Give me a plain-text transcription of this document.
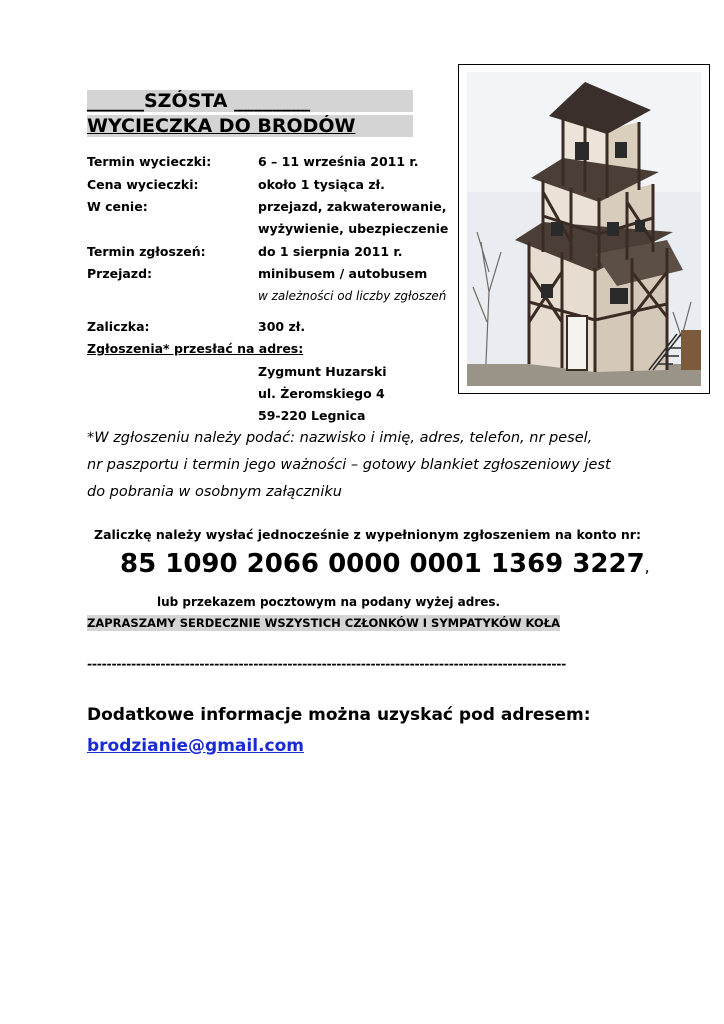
______SZÓSTA ________
WYCIECZKA DO BRODÓW
Termin wycieczki:	6 – 11 września 2011 r.
Cena wycieczki:	około 1 tysiąca zł.
W cenie:	przejazd, zakwaterowanie,
wyżywienie, ubezpieczenie
Termin zgłoszeń:	do 1 sierpnia 2011 r.
Przejazd:	minibusem / autobusem
w zależności od liczby zgłoszeń
Zaliczka:	300 zł.
Zgłoszenia* przesłać na adres:
Zygmunt Huzarski
ul. Żeromskiego 4
59-220 Legnica
*W zgłoszeniu należy podać: nazwisko i imię, adres, telefon, nr pesel,
nr paszportu i termin jego ważności – gotowy blankiet zgłoszeniowy jest
do pobrania w osobnym załączniku
Zaliczkę należy wysłać jednocześnie z wypełnionym zgłoszeniem na konto nr:
85 1090 2066 0000 0001 1369 3227,
lub przekazem pocztowym na podany wyżej adres.
ZAPRASZAMY SERDECZNIE WSZYSTICH CZŁONKÓW I SYMPATYKÓW KOŁA
--------------------------------------------------------------------------------------------------
Dodatkowe informacje można uzyskać pod adresem:
brodzianie@gmail.com
